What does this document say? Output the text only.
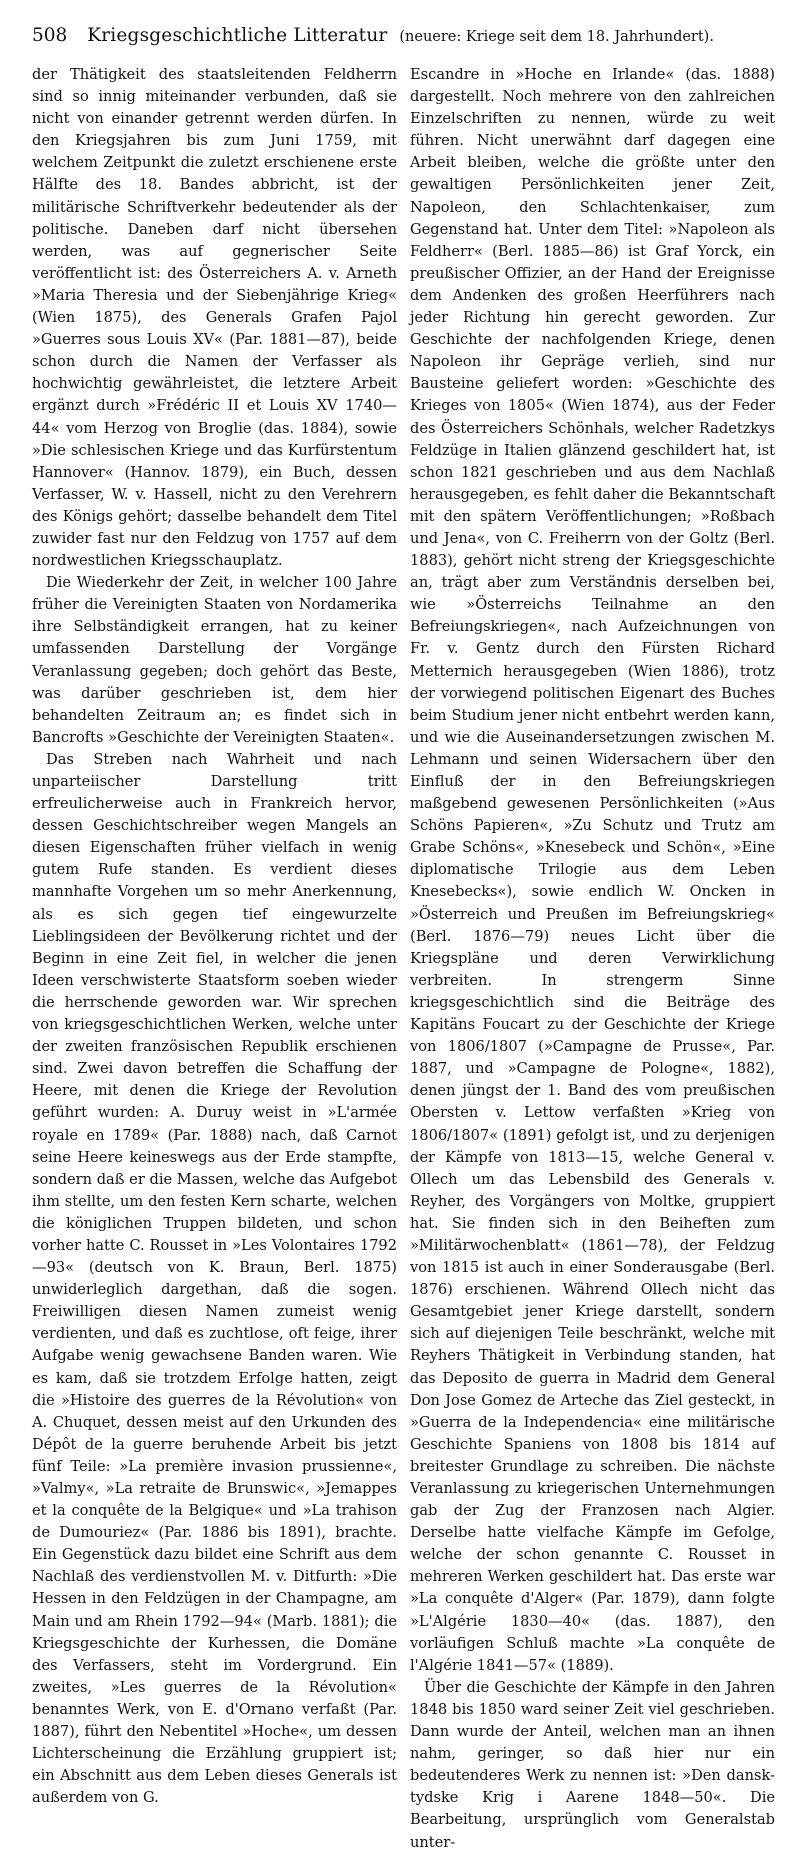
508 Kriegsgeschichtliche Litteratur (neuere: Kriege seit dem 18. Jahrhundert).

der Thätigkeit des staatsleitenden Feldherrn sind so innig miteinander verbunden, daß sie nicht von einander getrennt werden dürfen. In den Kriegsjahren bis zum Juni 1759, mit welchem Zeitpunkt die zuletzt erschienene erste Hälfte des 18. Bandes abbricht, ist der militärische Schriftverkehr bedeutender als der politische. Daneben darf nicht übersehen werden, was auf gegnerischer Seite veröffentlicht ist: des Österreichers A. v. Arneth »Maria Theresia und der Siebenjährige Krieg« (Wien 1875), des Generals Grafen Pajol »Guerres sous Louis XV« (Par. 1881—87), beide schon durch die Namen der Verfasser als hochwichtig gewährleistet, die letztere Arbeit ergänzt durch »Frédéric II et Louis XV 1740—44« vom Herzog von Broglie (das. 1884), sowie »Die schlesischen Kriege und das Kurfürstentum Hannover« (Hannov. 1879), ein Buch, dessen Verfasser, W. v. Hassell, nicht zu den Verehrern des Königs gehört; dasselbe behandelt dem Titel zuwider fast nur den Feldzug von 1757 auf dem nordwestlichen Kriegsschauplatz.

Die Wiederkehr der Zeit, in welcher 100 Jahre früher die Vereinigten Staaten von Nordamerika ihre Selbständigkeit errangen, hat zu keiner umfassenden Darstellung der Vorgänge Veranlassung gegeben; doch gehört das Beste, was darüber geschrieben ist, dem hier behandelten Zeitraum an; es findet sich in Bancrofts »Geschichte der Vereinigten Staaten«.

Das Streben nach Wahrheit und nach unparteiischer Darstellung tritt erfreulicherweise auch in Frankreich hervor, dessen Geschichtschreiber wegen Mangels an diesen Eigenschaften früher vielfach in wenig gutem Rufe standen. Es verdient dieses mannhafte Vorgehen um so mehr Anerkennung, als es sich gegen tief eingewurzelte Lieblingsideen der Bevölkerung richtet und der Beginn in eine Zeit fiel, in welcher die jenen Ideen verschwisterte Staatsform soeben wieder die herrschende geworden war. Wir sprechen von kriegsgeschichtlichen Werken, welche unter der zweiten französischen Republik erschienen sind. Zwei davon betreffen die Schaffung der Heere, mit denen die Kriege der Revolution geführt wurden: A. Duruy weist in »L'armée royale en 1789« (Par. 1888) nach, daß Carnot seine Heere keineswegs aus der Erde stampfte, sondern daß er die Massen, welche das Aufgebot ihm stellte, um den festen Kern scharte, welchen die königlichen Truppen bildeten, und schon vorher hatte C. Rousset in »Les Volontaires 1792—93« (deutsch von K. Braun, Berl. 1875) unwiderleglich dargethan, daß die sogen. Freiwilligen diesen Namen zumeist wenig verdienten, und daß es zuchtlose, oft feige, ihrer Aufgabe wenig gewachsene Banden waren. Wie es kam, daß sie trotzdem Erfolge hatten, zeigt die »Histoire des guerres de la Révolution« von A. Chuquet, dessen meist auf den Urkunden des Dépôt de la guerre beruhende Arbeit bis jetzt fünf Teile: »La première invasion prussienne«, »Valmy«, »La retraite de Brunswic«, »Jemappes et la conquête de la Belgique« und »La trahison de Dumouriez« (Par. 1886 bis 1891), brachte. Ein Gegenstück dazu bildet eine Schrift aus dem Nachlaß des verdienstvollen M. v. Ditfurth: »Die Hessen in den Feldzügen in der Champagne, am Main und am Rhein 1792—94« (Marb. 1881); die Kriegsgeschichte der Kurhessen, die Domäne des Verfassers, steht im Vordergrund. Ein zweites, »Les guerres de la Révolution« benanntes Werk, von E. d'Ornano verfaßt (Par. 1887), führt den Nebentitel »Hoche«, um dessen Lichterscheinung die Erzählung gruppiert ist; ein Abschnitt aus dem Leben dieses Generals ist außerdem von G.

Escandre in »Hoche en Irlande« (das. 1888) dargestellt. Noch mehrere von den zahlreichen Einzelschriften zu nennen, würde zu weit führen. Nicht unerwähnt darf dagegen eine Arbeit bleiben, welche die größte unter den gewaltigen Persönlichkeiten jener Zeit, Napoleon, den Schlachtenkaiser, zum Gegenstand hat. Unter dem Titel: »Napoleon als Feldherr« (Berl. 1885—86) ist Graf Yorck, ein preußischer Offizier, an der Hand der Ereignisse dem Andenken des großen Heerführers nach jeder Richtung hin gerecht geworden. Zur Geschichte der nachfolgenden Kriege, denen Napoleon ihr Gepräge verlieh, sind nur Bausteine geliefert worden: »Geschichte des Krieges von 1805« (Wien 1874), aus der Feder des Österreichers Schönhals, welcher Radetzkys Feldzüge in Italien glänzend geschildert hat, ist schon 1821 geschrieben und aus dem Nachlaß herausgegeben, es fehlt daher die Bekanntschaft mit den spätern Veröffentlichungen; »Roßbach und Jena«, von C. Freiherrn von der Goltz (Berl. 1883), gehört nicht streng der Kriegsgeschichte an, trägt aber zum Verständnis derselben bei, wie »Österreichs Teilnahme an den Befreiungskriegen«, nach Aufzeichnungen von Fr. v. Gentz durch den Fürsten Richard Metternich herausgegeben (Wien 1886), trotz der vorwiegend politischen Eigenart des Buches beim Studium jener nicht entbehrt werden kann, und wie die Auseinandersetzungen zwischen M. Lehmann und seinen Widersachern über den Einfluß der in den Befreiungskriegen maßgebend gewesenen Persönlichkeiten (»Aus Schöns Papieren«, »Zu Schutz und Trutz am Grabe Schöns«, »Knesebeck und Schön«, »Eine diplomatische Trilogie aus dem Leben Knesebecks«), sowie endlich W. Oncken in »Österreich und Preußen im Befreiungskrieg« (Berl. 1876—79) neues Licht über die Kriegspläne und deren Verwirklichung verbreiten. In strengerm Sinne kriegsgeschichtlich sind die Beiträge des Kapitäns Foucart zu der Geschichte der Kriege von 1806/1807 (»Campagne de Prusse«, Par. 1887, und »Campagne de Pologne«, 1882), denen jüngst der 1. Band des vom preußischen Obersten v. Lettow verfaßten »Krieg von 1806/1807« (1891) gefolgt ist, und zu derjenigen der Kämpfe von 1813—15, welche General v. Ollech um das Lebensbild des Generals v. Reyher, des Vorgängers von Moltke, gruppiert hat. Sie finden sich in den Beiheften zum »Militärwochenblatt« (1861—78), der Feldzug von 1815 ist auch in einer Sonderausgabe (Berl. 1876) erschienen. Während Ollech nicht das Gesamtgebiet jener Kriege darstellt, sondern sich auf diejenigen Teile beschränkt, welche mit Reyhers Thätigkeit in Verbindung standen, hat das Deposito de guerra in Madrid dem General Don Jose Gomez de Arteche das Ziel gesteckt, in »Guerra de la Independencia« eine militärische Geschichte Spaniens von 1808 bis 1814 auf breitester Grundlage zu schreiben. Die nächste Veranlassung zu kriegerischen Unternehmungen gab der Zug der Franzosen nach Algier. Derselbe hatte vielfache Kämpfe im Gefolge, welche der schon genannte C. Rousset in mehreren Werken geschildert hat. Das erste war »La conquête d'Alger« (Par. 1879), dann folgte »L'Algérie 1830—40« (das. 1887), den vorläufigen Schluß machte »La conquête de l'Algérie 1841—57« (1889).

Über die Geschichte der Kämpfe in den Jahren 1848 bis 1850 ward seiner Zeit viel geschrieben. Dann wurde der Anteil, welchen man an ihnen nahm, geringer, so daß hier nur ein bedeutenderes Werk zu nennen ist: »Den dansk-tydske Krig i Aarene 1848—50«. Die Bearbeitung, ursprünglich vom Generalstab unter-
